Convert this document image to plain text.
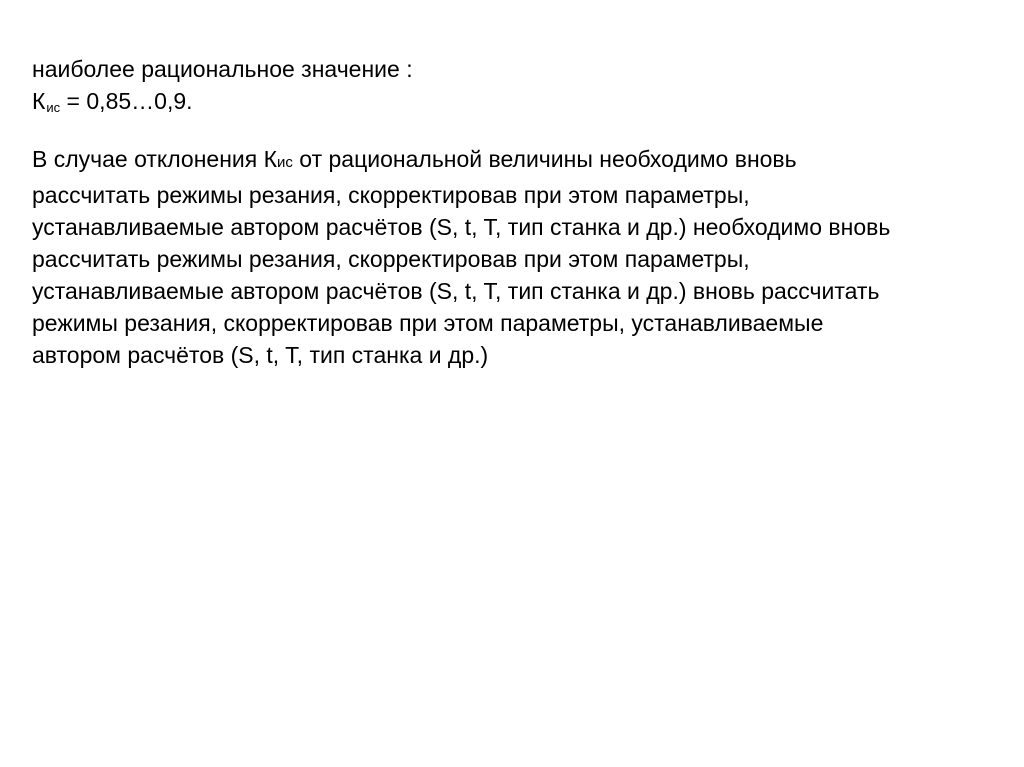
наиболее рациональное значение :
$К_{ис}$ = 0,85…0,9.
В случае отклонения Кис от рациональной величины необходимо вновь
рассчитать режимы резания, скорректировав при этом параметры,
устанавливаемые автором расчётов (S, t, T, тип станка и др.) необходимо вновь
рассчитать режимы резания, скорректировав при этом параметры,
устанавливаемые автором расчётов (S, t, T, тип станка и др.) вновь рассчитать
режимы резания, скорректировав при этом параметры, устанавливаемые
автором расчётов (S, t, T, тип станка и др.)
